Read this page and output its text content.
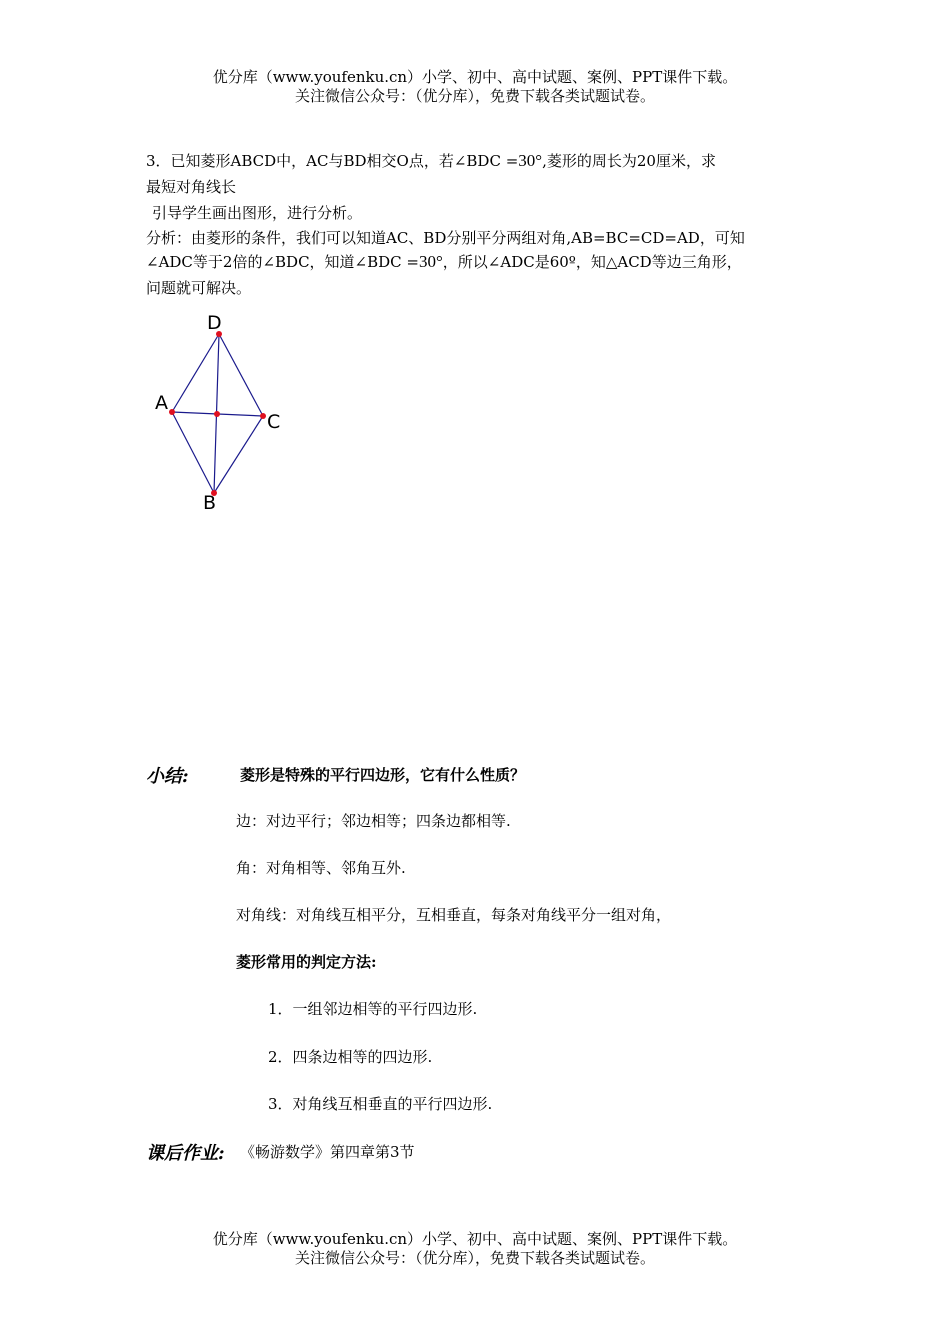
优分库（www.youfenku.cn）小学、初中、高中试题、案例、PPT课件下载。
关注微信公众号：（优分库），免费下载各类试题试卷。
3．已知菱形ABCD中，AC与BD相交O点，若∠BDC =30°,菱形的周长为20厘米，求
最短对角线长
引导学生画出图形，进行分析。
分析：由菱形的条件，我们可以知道AC、BD分别平分两组对角,AB=BC=CD=AD，可知
∠ADC等于2倍的∠BDC，知道∠BDC =30°，所以∠ADC是60º，知△ACD等边三角形，
问题就可解决。
D
A
C
B
小结:	菱形是特殊的平行四边形，它有什么性质？
边：对边平行；邻边相等；四条边都相等.
角：对角相等、邻角互外.
对角线：对角线互相平分，互相垂直，每条对角线平分一组对角，
菱形常用的判定方法:
1．一组邻边相等的平行四边形.
2．四条边相等的四边形.
3．对角线互相垂直的平行四边形.
课后作业: 《畅游数学》第四章第3节
优分库（www.youfenku.cn）小学、初中、高中试题、案例、PPT课件下载。
关注微信公众号：（优分库），免费下载各类试题试卷。
